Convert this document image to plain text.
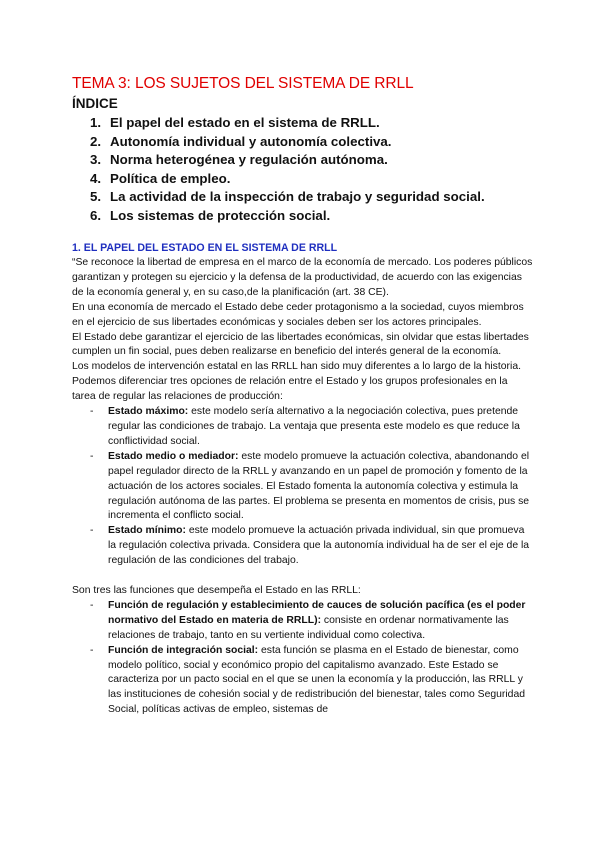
TEMA 3: LOS SUJETOS DEL SISTEMA DE RRLL
ÍNDICE
1. El papel del estado en el sistema de RRLL.
2. Autonomía individual y autonomía colectiva.
3. Norma heterogénea y regulación autónoma.
4. Política de empleo.
5. La actividad de la inspección de trabajo y seguridad social.
6. Los sistemas de protección social.
1. EL PAPEL DEL ESTADO EN EL SISTEMA DE RRLL

“Se reconoce la libertad de empresa en el marco de la economía de mercado. Los poderes públicos garantizan y protegen su ejercicio y la defensa de la productividad, de acuerdo con las exigencias de la economía general y, en su caso,de la planificación (art. 38 CE).

En una economía de mercado el Estado debe ceder protagonismo a la sociedad, cuyos miembros en el ejercicio de sus libertades económicas y sociales deben ser los actores principales.

El Estado debe garantizar el ejercicio de las libertades económicas, sin olvidar que estas libertades cumplen un fin social, pues deben realizarse en beneficio del interés general de la economía.

Los modelos de intervención estatal en las RRLL han sido muy diferentes a lo largo de la historia.

Podemos diferenciar tres opciones de relación entre el Estado y los grupos profesionales en la tarea de regular las relaciones de producción:

- Estado máximo: este modelo sería alternativo a la negociación colectiva, pues pretende regular las condiciones de trabajo. La ventaja que presenta este modelo es que reduce la conflictividad social.
- Estado medio o mediador: este modelo promueve la actuación colectiva, abandonando el papel regulador directo de la RRLL y avanzando en un papel de promoción y fomento de la actuación de los actores sociales. El Estado fomenta la autonomía colectiva y estimula la regulación autónoma de las partes. El problema se presenta en momentos de crisis, pus se incrementa el conflicto social.
- Estado mínimo: este modelo promueve la actuación privada individual, sin que promueva la regulación colectiva privada. Considera que la autonomía individual ha de ser el eje de la regulación de las condiciones del trabajo.

Son tres las funciones que desempeña el Estado en las RRLL:

- Función de regulación y establecimiento de cauces de solución pacífica (es el poder normativo del Estado en materia de RRLL): consiste en ordenar normativamente las relaciones de trabajo, tanto en su vertiente individual como colectiva.
- Función de integración social: esta función se plasma en el Estado de bienestar, como modelo político, social y económico propio del capitalismo avanzado. Este Estado se caracteriza por un pacto social en el que se unen la economía y la producción, las RRLL y las instituciones de cohesión social y de redistribución del bienestar, tales como Seguridad Social, políticas activas de empleo, sistemas de
